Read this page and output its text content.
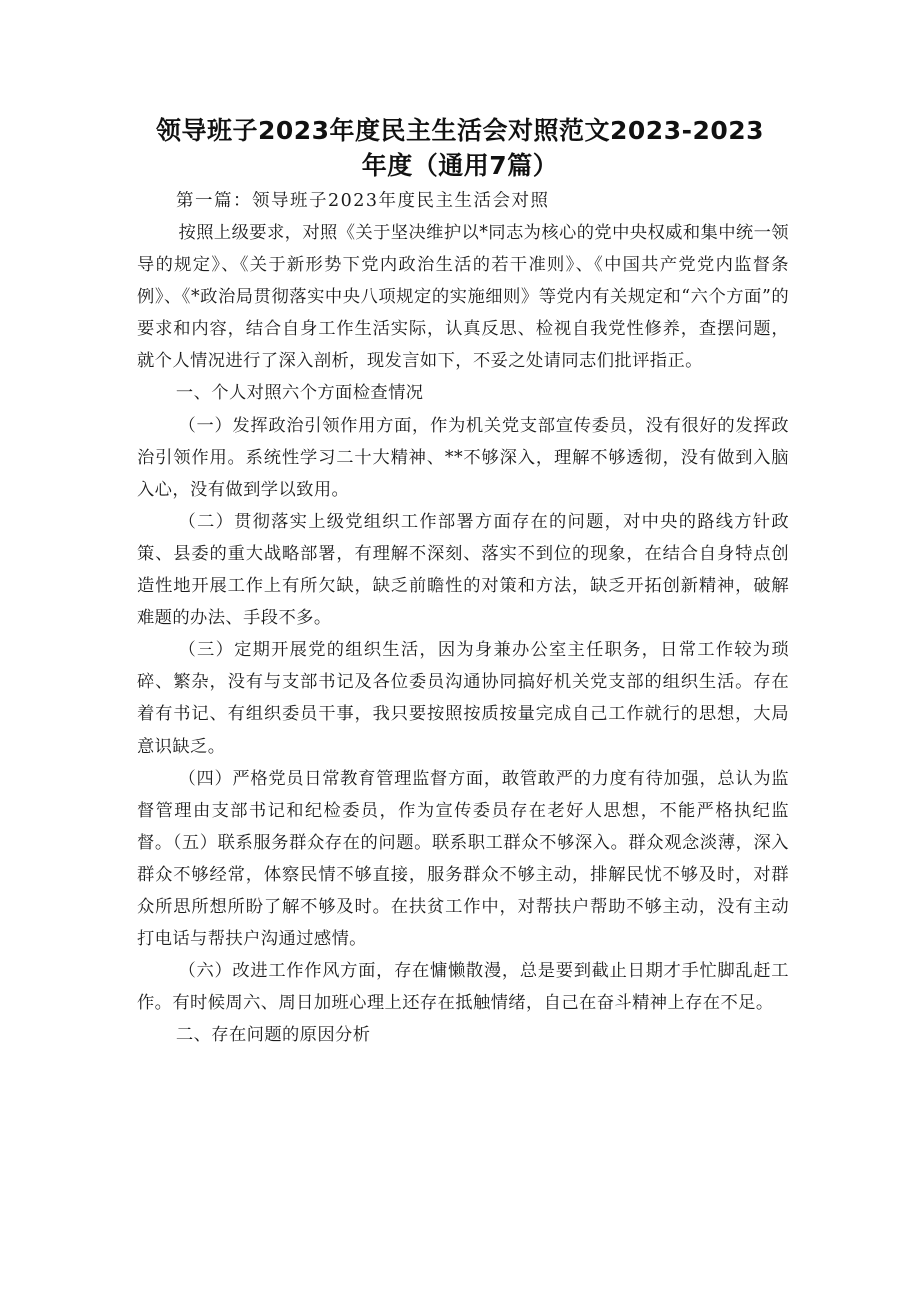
领导班子2023年度民主生活会对照范文2023-2023
年度（通用7篇）

第一篇：领导班子2023年度民主生活会对照

按照上级要求，对照《关于坚决维护以*同志为核心的党中央权威和集中统一领导的规定》、《关于新形势下党内政治生活的若干准则》、《中国共产党党内监督条例》、《*政治局贯彻落实中央八项规定的实施细则》等党内有关规定和“六个方面”的要求和内容，结合自身工作生活实际，认真反思、检视自我党性修养，查摆问题，就个人情况进行了深入剖析，现发言如下，不妥之处请同志们批评指正。

一、个人对照六个方面检查情况

（一）发挥政治引领作用方面，作为机关党支部宣传委员，没有很好的发挥政治引领作用。系统性学习二十大精神、**不够深入，理解不够透彻，没有做到入脑入心，没有做到学以致用。

（二）贯彻落实上级党组织工作部署方面存在的问题，对中央的路线方针政策、县委的重大战略部署，有理解不深刻、落实不到位的现象，在结合自身特点创造性地开展工作上有所欠缺，缺乏前瞻性的对策和方法，缺乏开拓创新精神，破解难题的办法、手段不多。

（三）定期开展党的组织生活，因为身兼办公室主任职务，日常工作较为琐碎、繁杂，没有与支部书记及各位委员沟通协同搞好机关党支部的组织生活。存在着有书记、有组织委员干事，我只要按照按质按量完成自己工作就行的思想，大局意识缺乏。

（四）严格党员日常教育管理监督方面，敢管敢严的力度有待加强，总认为监督管理由支部书记和纪检委员，作为宣传委员存在老好人思想，不能严格执纪监督。（五）联系服务群众存在的问题。联系职工群众不够深入。群众观念淡薄，深入群众不够经常，体察民情不够直接，服务群众不够主动，排解民忧不够及时，对群众所思所想所盼了解不够及时。在扶贫工作中，对帮扶户帮助不够主动，没有主动打电话与帮扶户沟通过感情。

（六）改进工作作风方面，存在慵懒散漫，总是要到截止日期才手忙脚乱赶工作。有时候周六、周日加班心理上还存在抵触情绪，自己在奋斗精神上存在不足。

二、存在问题的原因分析
